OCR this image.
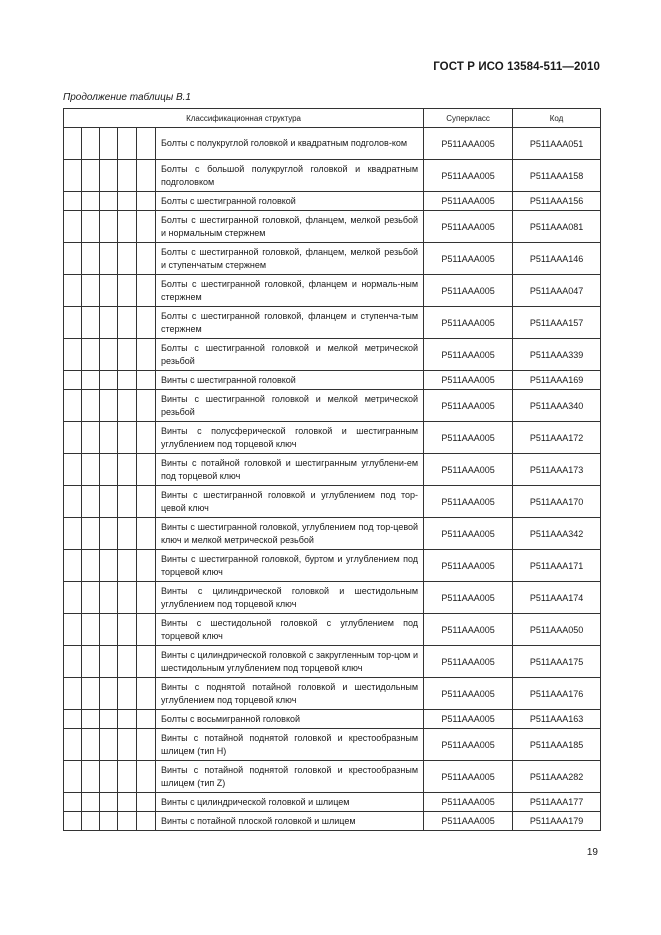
ГОСТ Р ИСО 13584-511—2010
Продолжение таблицы В.1
Классификационная структура						Суперкласс	Код
					Болты с полукруглой головкой и квадратным подголов-ком	P511AAA005	P511AAA051
					Болты с большой полукруглой головкой и квадратным подголовком	P511AAA005	P511AAA158
					Болты с шестигранной головкой	P511AAA005	P511AAA156
					Болты с шестигранной головкой, фланцем, мелкой резьбой и нормальным стержнем	P511AAA005	P511AAA081
					Болты с шестигранной головкой, фланцем, мелкой резьбой и ступенчатым стержнем	P511AAA005	P511AAA146
					Болты с шестигранной головкой, фланцем и нормаль-ным стержнем	P511AAA005	P511AAA047
					Болты с шестигранной головкой, фланцем и ступенча-тым стержнем	P511AAA005	P511AAA157
					Болты с шестигранной головкой и мелкой метрической резьбой	P511AAA005	P511AAA339
					Винты с шестигранной головкой	P511AAA005	P511AAA169
					Винты с шестигранной головкой и мелкой метрической резьбой	P511AAA005	P511AAA340
					Винты с полусферической головкой и шестигранным углублением под торцевой ключ	P511AAA005	P511AAA172
					Винты с потайной головкой и шестигранным углублени-ем под торцевой ключ	P511AAA005	P511AAA173
					Винты с шестигранной головкой и углублением под тор-цевой ключ	P511AAA005	P511AAA170
					Винты с шестигранной головкой, углублением под тор-цевой ключ и мелкой метрической резьбой	P511AAA005	P511AAA342
					Винты с шестигранной головкой, буртом и углублением под торцевой ключ	P511AAA005	P511AAA171
					Винты с цилиндрической головкой и шестидольным углублением под торцевой ключ	P511AAA005	P511AAA174
					Винты с шестидольной головкой с углублением под торцевой ключ	P511AAA005	P511AAA050
					Винты с цилиндрической головкой с закругленным тор-цом и шестидольным углублением под торцевой ключ	P511AAA005	P511AAA175
					Винты с поднятой потайной головкой и шестидольным углублением под торцевой ключ	P511AAA005	P511AAA176
					Болты с восьмигранной головкой	P511AAA005	P511AAA163
					Винты с потайной поднятой головкой и крестообразным шлицем (тип H)	P511AAA005	P511AAA185
					Винты с потайной поднятой головкой и крестообразным шлицем (тип Z)	P511AAA005	P511AAA282
					Винты с цилиндрической головкой и шлицем	P511AAA005	P511AAA177
					Винты с потайной плоской головкой и шлицем	P511AAA005	P511AAA179
19
